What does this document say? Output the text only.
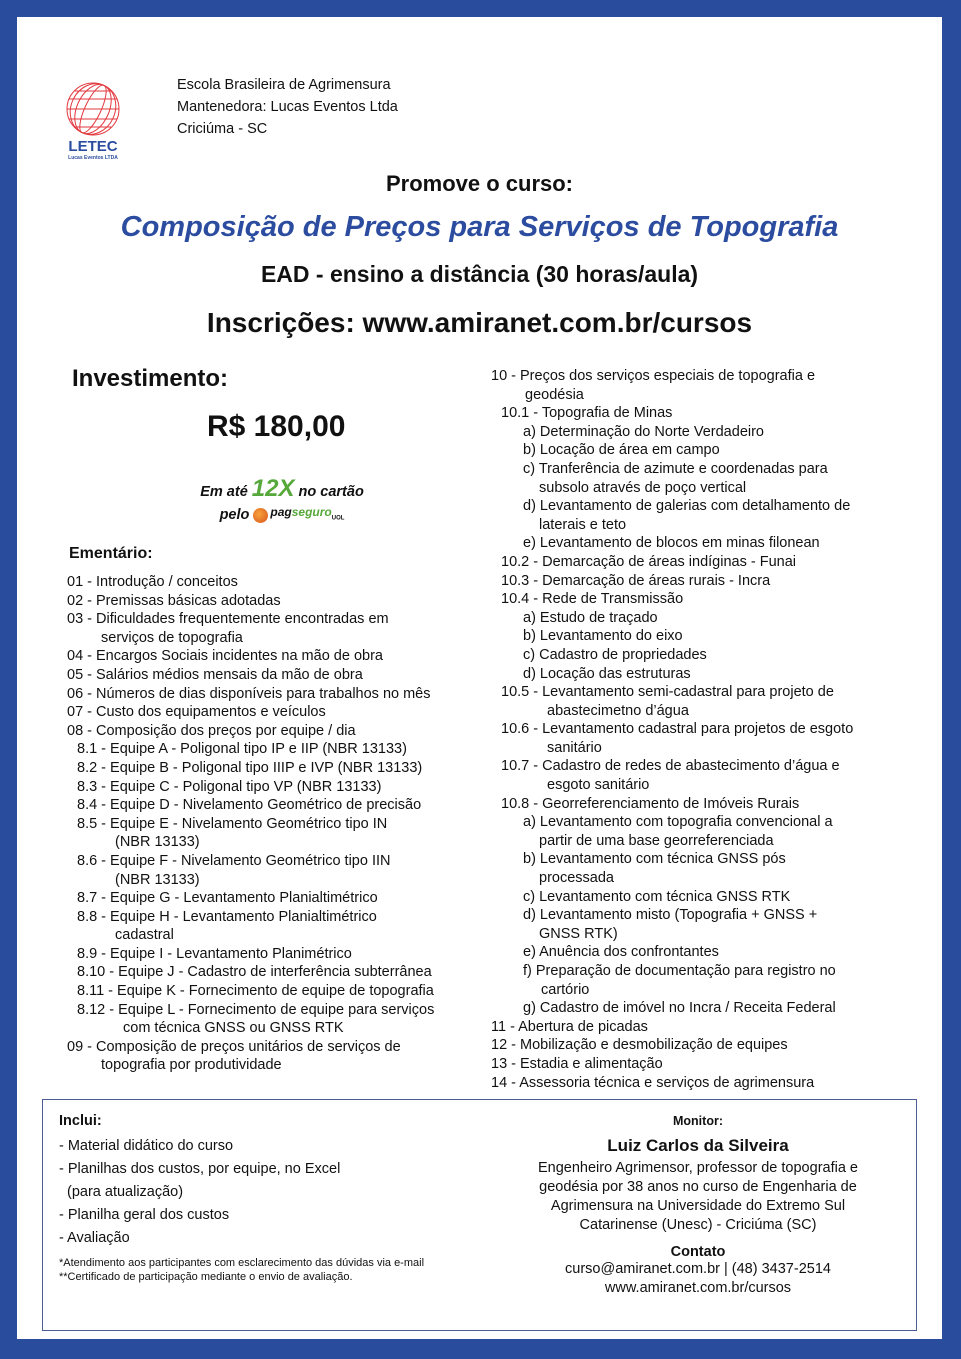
LETEC
Lucas Eventos LTDA
Escola Brasileira de Agrimensura
Mantenedora: Lucas Eventos Ltda
Criciúma - SC
Promove o curso:
Composição de Preços para Serviços de Topografia
EAD - ensino a distância (30 horas/aula)
Inscrições: www.amiranet.com.br/cursos
Investimento:
R$ 180,00
Em até 12X no cartão
pelo pagseguro$_{UOL}$
Ementário:
01 - Introdução / conceitos
02 - Premissas básicas adotadas
03 - Dificuldades frequentemente encontradas em
serviços de topografia
04 - Encargos Sociais incidentes na mão de obra
05 - Salários médios mensais da mão de obra
06 - Números de dias disponíveis para trabalhos no mês
07 - Custo dos equipamentos e veículos
08 - Composição dos preços por equipe / dia
8.1 - Equipe A - Poligonal tipo IP e IIP (NBR 13133)
8.2 - Equipe B - Poligonal tipo IIIP e IVP (NBR 13133)
8.3 - Equipe C - Poligonal tipo VP (NBR 13133)
8.4 - Equipe D - Nivelamento Geométrico de precisão
8.5 - Equipe E - Nivelamento Geométrico tipo IN
(NBR 13133)
8.6 - Equipe F - Nivelamento Geométrico tipo IIN
(NBR 13133)
8.7 - Equipe G - Levantamento Planialtimétrico
8.8 - Equipe H - Levantamento Planialtimétrico
cadastral
8.9 - Equipe I - Levantamento Planimétrico
8.10 - Equipe J - Cadastro de interferência subterrânea
8.11 - Equipe K - Fornecimento de equipe de topografia
8.12 - Equipe L - Fornecimento de equipe para serviços
com técnica GNSS ou GNSS RTK
09 - Composição de preços unitários de serviços de
topografia por produtividade
10 - Preços dos serviços especiais de topografia e
geodésia
10.1 - Topografia de Minas
a) Determinação do Norte Verdadeiro
b) Locação de área em campo
c) Tranferência de azimute e coordenadas para
subsolo através de poço vertical
d) Levantamento de galerias com detalhamento de
laterais e teto
e) Levantamento de blocos em minas filonean
10.2 - Demarcação de áreas indíginas - Funai
10.3 - Demarcação de áreas rurais - Incra
10.4 - Rede de Transmissão
a) Estudo de traçado
b) Levantamento do eixo
c) Cadastro de propriedades
d) Locação das estruturas
10.5 - Levantamento semi-cadastral para projeto de
abastecimetno d’água
10.6 - Levantamento cadastral para projetos de esgoto
sanitário
10.7 - Cadastro de redes de abastecimento d’água e
esgoto sanitário
10.8 - Georreferenciamento de Imóveis Rurais
a) Levantamento com topografia convencional a
partir de uma base georreferenciada
b) Levantamento com técnica GNSS pós
processada
c) Levantamento com técnica GNSS RTK
d) Levantamento misto (Topografia + GNSS +
GNSS RTK)
e) Anuência dos confrontantes
f) Preparação de documentação para registro no
cartório
g) Cadastro de imóvel no Incra / Receita Federal
11 - Abertura de picadas
12 - Mobilização e desmobilização de equipes
13 - Estadia e alimentação
14 - Assessoria técnica e serviços de agrimensura
Inclui:
- Material didático do curso
- Planilhas dos custos, por equipe, no Excel
(para atualização)
- Planilha geral dos custos
- Avaliação
*Atendimento aos participantes com esclarecimento das dúvidas via e-mail
**Certificado de participação mediante o envio de avaliação.
Monitor:
Luiz Carlos da Silveira
Engenheiro Agrimensor, professor de topografia e
geodésia por 38 anos no curso de Engenharia de
Agrimensura na Universidade do Extremo Sul
Catarinense (Unesc) - Criciúma (SC)
Contato
curso@amiranet.com.br | (48) 3437-2514
www.amiranet.com.br/cursos
